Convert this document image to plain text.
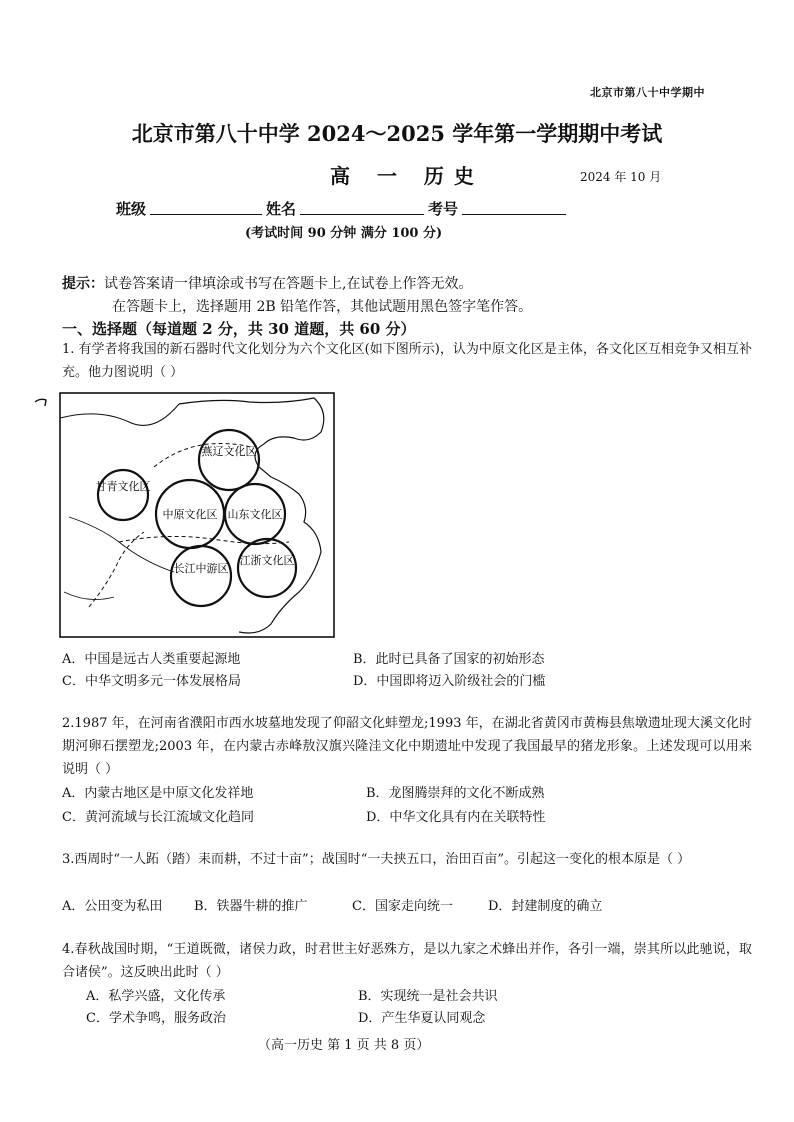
北京市第八十中学期中
北京市第八十中学 2024～2025 学年第一学期期中考试
高 一 历史	2024 年 10 月
班级	姓名	考号
(考试时间 90 分钟 满分 100 分)
提示：试卷答案请一律填涂或书写在答题卡上,在试卷上作答无效。
在答题卡上，选择题用 2B 铅笔作答，其他试题用黑色签字笔作答。
一、选择题（每道题 2 分，共 30 道题，共 60 分）
1. 有学者将我国的新石器时代文化划分为六个文化区(如下图所示)，认为中原文化区是主体，各文化区互相竞争又相互补充。他力图说明（ ）
燕辽文化区
甘青文化区
中原文化区 山东文化区
长江中游区
江浙文化区
A．中国是远古人类重要起源地	B．此时已具备了国家的初始形态
C．中华文明多元一体发展格局	D．中国即将迈入阶级社会的门槛
2.1987 年，在河南省濮阳市西水坡墓地发现了仰韶文化蚌塑龙;1993 年，在湖北省黄冈市黄梅县焦墩遗址现大溪文化时期河卵石摆塑龙;2003 年，在内蒙古赤峰敖汉旗兴隆洼文化中期遗址中发现了我国最早的猪龙形象。上述发现可以用来说明（ ）
A．内蒙古地区是中原文化发祥地	B．龙图腾崇拜的文化不断成熟
C．黄河流域与长江流域文化趋同	D．中华文化具有内在关联特性
3.西周时“一人跖（踏）耒而耕，不过十亩”；战国时“一夫挟五口，治田百亩”。引起这一变化的根本原是（ ）
A．公田变为私田 B．铁器牛耕的推广	C．国家走向统一	D．封建制度的确立
4.春秋战国时期，“王道既微，诸侯力政，时君世主好恶殊方，是以九家之术蜂出并作，各引一端，崇其所以此驰说，取合诸侯”。这反映出此时（ ）
A．私学兴盛，文化传承	B．实现统一是社会共识
C．学术争鸣，服务政治	D．产生华夏认同观念
（高一历史 第 1 页 共 8 页）
